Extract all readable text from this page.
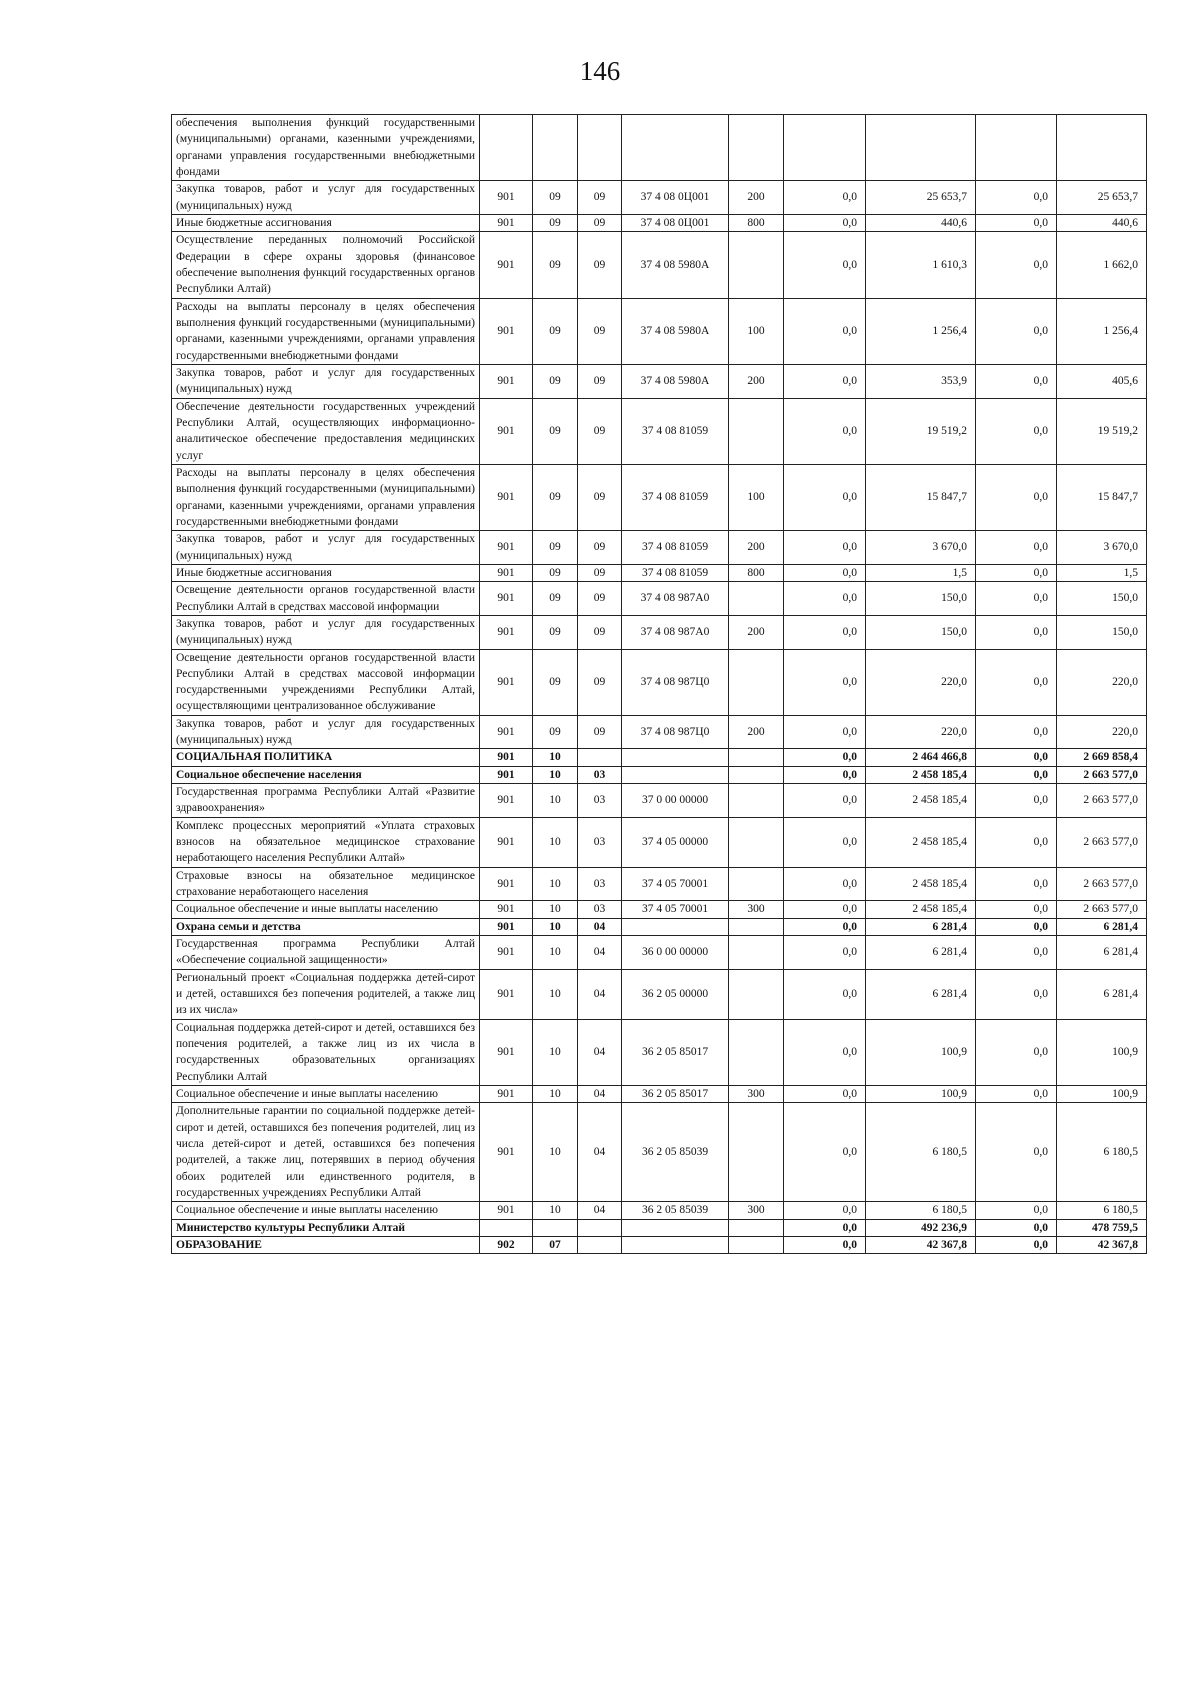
146
обеспечения выполнения функций государственными (муниципальными) органами, казенными учреждениями, органами управления государственными внебюджетными фондами									
Закупка товаров, работ и услуг для государственных (муниципальных) нужд	901	09	09	37 4 08 0Ц001	200	0,0	25 653,7	0,0	25 653,7
Иные бюджетные ассигнования	901	09	09	37 4 08 0Ц001	800	0,0	440,6	0,0	440,6
Осуществление переданных полномочий Российской Федерации в сфере охраны здоровья (финансовое обеспечение выполнения функций государственных органов Республики Алтай)	901	09	09	37 4 08 5980А		0,0	1 610,3	0,0	1 662,0
Расходы на выплаты персоналу в целях обеспечения выполнения функций государственными (муниципальными) органами, казенными учреждениями, органами управления государственными внебюджетными фондами	901	09	09	37 4 08 5980А	100	0,0	1 256,4	0,0	1 256,4
Закупка товаров, работ и услуг для государственных (муниципальных) нужд	901	09	09	37 4 08 5980А	200	0,0	353,9	0,0	405,6
Обеспечение деятельности государственных учреждений Республики Алтай, осуществляющих информационно-аналитическое обеспечение предоставления медицинских услуг	901	09	09	37 4 08 81059		0,0	19 519,2	0,0	19 519,2
Расходы на выплаты персоналу в целях обеспечения выполнения функций государственными (муниципальными) органами, казенными учреждениями, органами управления государственными внебюджетными фондами	901	09	09	37 4 08 81059	100	0,0	15 847,7	0,0	15 847,7
Закупка товаров, работ и услуг для государственных (муниципальных) нужд	901	09	09	37 4 08 81059	200	0,0	3 670,0	0,0	3 670,0
Иные бюджетные ассигнования	901	09	09	37 4 08 81059	800	0,0	1,5	0,0	1,5
Освещение деятельности органов государственной власти Республики Алтай в средствах массовой информации	901	09	09	37 4 08 987А0		0,0	150,0	0,0	150,0
Закупка товаров, работ и услуг для государственных (муниципальных) нужд	901	09	09	37 4 08 987А0	200	0,0	150,0	0,0	150,0
Освещение деятельности органов государственной власти Республики Алтай в средствах массовой информации государственными учреждениями Республики Алтай, осуществляющими централизованное обслуживание	901	09	09	37 4 08 987Ц0		0,0	220,0	0,0	220,0
Закупка товаров, работ и услуг для государственных (муниципальных) нужд	901	09	09	37 4 08 987Ц0	200	0,0	220,0	0,0	220,0
СОЦИАЛЬНАЯ ПОЛИТИКА	901	10				0,0	2 464 466,8	0,0	2 669 858,4
Социальное обеспечение населения	901	10	03			0,0	2 458 185,4	0,0	2 663 577,0
Государственная программа Республики Алтай «Развитие здравоохранения»	901	10	03	37 0 00 00000		0,0	2 458 185,4	0,0	2 663 577,0
Комплекс процессных мероприятий «Уплата страховых взносов на обязательное медицинское страхование неработающего населения Республики Алтай»	901	10	03	37 4 05 00000		0,0	2 458 185,4	0,0	2 663 577,0
Страховые взносы на обязательное медицинское страхование неработающего населения	901	10	03	37 4 05 70001		0,0	2 458 185,4	0,0	2 663 577,0
Социальное обеспечение и иные выплаты населению	901	10	03	37 4 05 70001	300	0,0	2 458 185,4	0,0	2 663 577,0
Охрана семьи и детства	901	10	04			0,0	6 281,4	0,0	6 281,4
Государственная программа Республики Алтай «Обеспечение социальной защищенности»	901	10	04	36 0 00 00000		0,0	6 281,4	0,0	6 281,4
Региональный проект «Социальная поддержка детей-сирот и детей, оставшихся без попечения родителей, а также лиц из их числа»	901	10	04	36 2 05 00000		0,0	6 281,4	0,0	6 281,4
Социальная поддержка детей-сирот и детей, оставшихся без попечения родителей, а также лиц из их числа в государственных образовательных организациях Республики Алтай	901	10	04	36 2 05 85017		0,0	100,9	0,0	100,9
Социальное обеспечение и иные выплаты населению	901	10	04	36 2 05 85017	300	0,0	100,9	0,0	100,9
Дополнительные гарантии по социальной поддержке детей-сирот и детей, оставшихся без попечения родителей, лиц из числа детей-сирот и детей, оставшихся без попечения родителей, а также лиц, потерявших в период обучения обоих родителей или единственного родителя, в государственных учреждениях Республики Алтай	901	10	04	36 2 05 85039		0,0	6 180,5	0,0	6 180,5
Социальное обеспечение и иные выплаты населению	901	10	04	36 2 05 85039	300	0,0	6 180,5	0,0	6 180,5
Министерство культуры Республики Алтай						0,0	492 236,9	0,0	478 759,5
ОБРАЗОВАНИЕ	902	07				0,0	42 367,8	0,0	42 367,8
